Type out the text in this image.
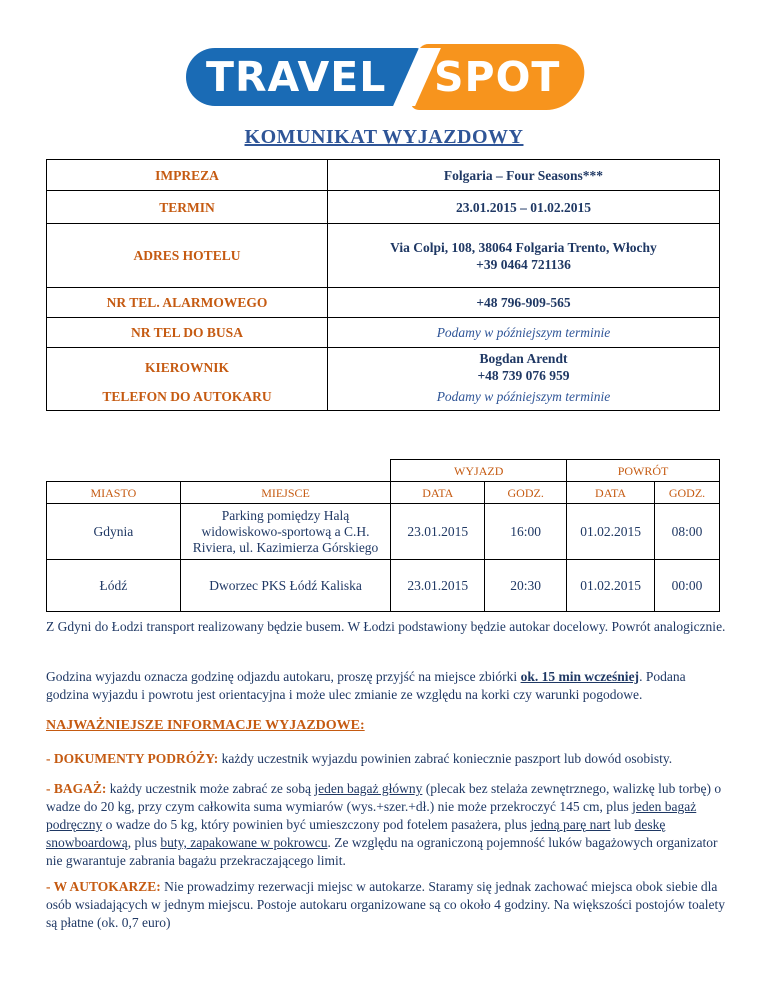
TRAVEL SPOT
KOMUNIKAT WYJAZDOWY
IMPREZA	Folgaria – Four Seasons***
TERMIN	23.01.2015 – 01.02.2015
ADRES HOTELU	Via Colpi, 108, 38064 Folgaria Trento, Włochy
+39 0464 721136

NR TEL. ALARMOWEGO	+48 796-909-565
NR TEL DO BUSA	Podamy w późniejszym terminie
KIEROWNIK	Bogdan Arendt
+48 739 076 959

TELEFON DO AUTOKARU	Podamy w późniejszym terminie
		WYJAZD		POWRÓT	
MIASTO	MIEJSCE	DATA	GODZ.	DATA	GODZ.
Gdynia	Parking pomiędzy Halą widowiskowo-sportową a C.H. Riviera, ul. Kazimierza Górskiego	23.01.2015	16:00	01.02.2015	08:00
Łódź	Dworzec PKS Łódź Kaliska	23.01.2015	20:30	01.02.2015	00:00
Z Gdyni do Łodzi transport realizowany będzie busem. W Łodzi podstawiony będzie autokar docelowy. Powrót analogicznie.
Godzina wyjazdu oznacza godzinę odjazdu autokaru, proszę przyjść na miejsce zbiórki ok. 15 min wcześniej. Podana godzina wyjazdu i powrotu jest orientacyjna i może ulec zmianie ze względu na korki czy warunki pogodowe.
NAJWAŻNIEJSZE INFORMACJE WYJAZDOWE:
- DOKUMENTY PODRÓŻY: każdy uczestnik wyjazdu powinien zabrać koniecznie paszport lub dowód osobisty.
- BAGAŻ: każdy uczestnik może zabrać ze sobą jeden bagaż główny (plecak bez stelaża zewnętrznego, walizkę lub torbę) o wadze do 20 kg, przy czym całkowita suma wymiarów (wys.+szer.+dł.) nie może przekroczyć 145 cm, plus jeden bagaż podręczny o wadze do 5 kg, który powinien być umieszczony pod fotelem pasażera, plus jedną parę nart lub deskę snowboardową, plus buty, zapakowane w pokrowcu. Ze względu na ograniczoną pojemność luków bagażowych organizator nie gwarantuje zabrania bagażu przekraczającego limit.
- W AUTOKARZE: Nie prowadzimy rezerwacji miejsc w autokarze. Staramy się jednak zachować miejsca obok siebie dla osób wsiadających w jednym miejscu. Postoje autokaru organizowane są co około 4 godziny. Na większości postojów toalety są płatne (ok. 0,7 euro)
